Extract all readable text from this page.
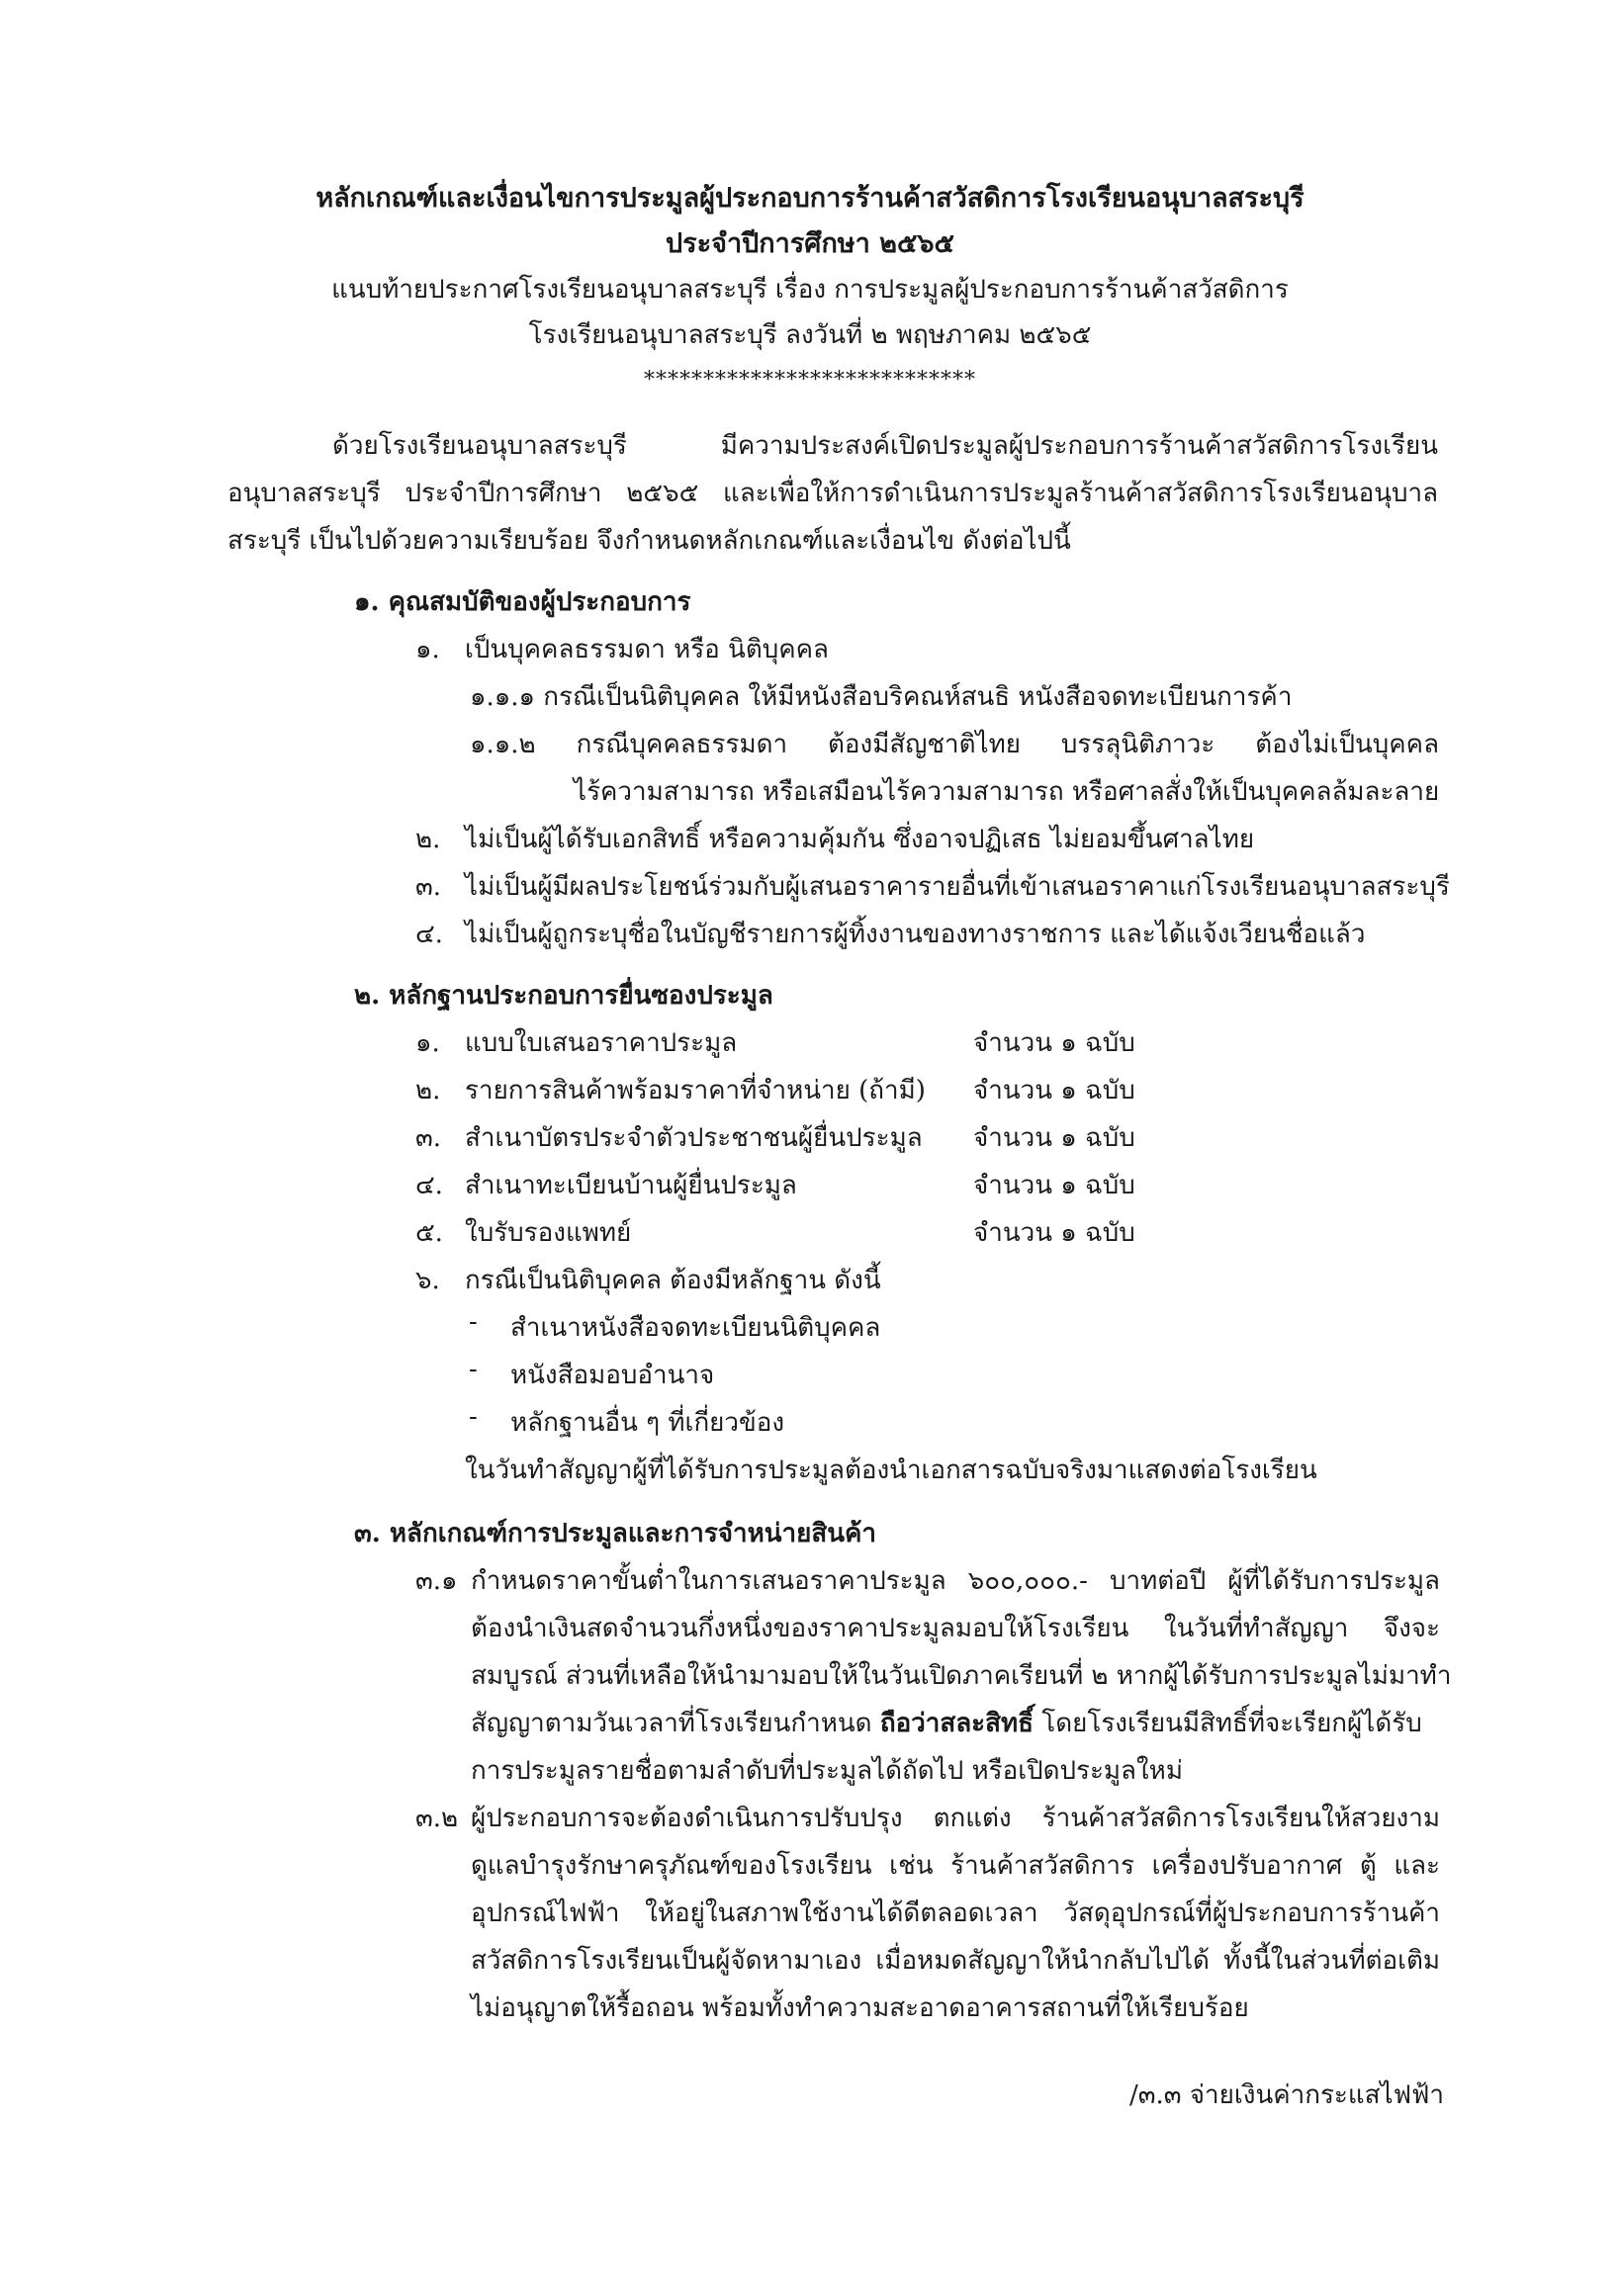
หลักเกณฑ์และเงื่อนไขการประมูลผู้ประกอบการร้านค้าสวัสดิการโรงเรียนอนุบาลสระบุรี
ประจำปีการศึกษา ๒๕๖๕
แนบท้ายประกาศโรงเรียนอนุบาลสระบุรี เรื่อง การประมูลผู้ประกอบการร้านค้าสวัสดิการ
โรงเรียนอนุบาลสระบุรี ลงวันที่ ๒ พฤษภาคม ๒๕๖๕
****************************
ด้วยโรงเรียนอนุบาลสระบุรี มีความประสงค์เปิดประมูลผู้ประกอบการร้านค้าสวัสดิการโรงเรียน
อนุบาลสระบุรี ประจำปีการศึกษา ๒๕๖๕ และเพื่อให้การดำเนินการประมูลร้านค้าสวัสดิการโรงเรียนอนุบาล
สระบุรี เป็นไปด้วยความเรียบร้อย จึงกำหนดหลักเกณฑ์และเงื่อนไข ดังต่อไปนี้
๑. คุณสมบัติของผู้ประกอบการ
๑. เป็นบุคคลธรรมดา หรือ นิติบุคคล
๑.๑.๑ กรณีเป็นนิติบุคคล ให้มีหนังสือบริคณห์สนธิ หนังสือจดทะเบียนการค้า
๑.๑.๒ กรณีบุคคลธรรมดา ต้องมีสัญชาติไทย บรรลุนิติภาวะ ต้องไม่เป็นบุคคล
ไร้ความสามารถ หรือเสมือนไร้ความสามารถ หรือศาลสั่งให้เป็นบุคคลล้มละลาย
๒. ไม่เป็นผู้ได้รับเอกสิทธิ์ หรือความคุ้มกัน ซึ่งอาจปฏิเสธ ไม่ยอมขึ้นศาลไทย
๓. ไม่เป็นผู้มีผลประโยชน์ร่วมกับผู้เสนอราคารายอื่นที่เข้าเสนอราคาแก่โรงเรียนอนุบาลสระบุรี
๔. ไม่เป็นผู้ถูกระบุชื่อในบัญชีรายการผู้ทิ้งงานของทางราชการ และได้แจ้งเวียนชื่อแล้ว
๒. หลักฐานประกอบการยื่นซองประมูล
๑. แบบใบเสนอราคาประมูล	จำนวน ๑ ฉบับ
๒. รายการสินค้าพร้อมราคาที่จำหน่าย (ถ้ามี) จำนวน ๑ ฉบับ
๓. สำเนาบัตรประจำตัวประชาชนผู้ยื่นประมูล จำนวน ๑ ฉบับ
๔. สำเนาทะเบียนบ้านผู้ยื่นประมูล	จำนวน ๑ ฉบับ
๕. ใบรับรองแพทย์	จำนวน ๑ ฉบับ
๖. กรณีเป็นนิติบุคคล ต้องมีหลักฐาน ดังนี้
- สำเนาหนังสือจดทะเบียนนิติบุคคล
- หนังสือมอบอำนาจ
- หลักฐานอื่น ๆ ที่เกี่ยวข้อง
ในวันทำสัญญาผู้ที่ได้รับการประมูลต้องนำเอกสารฉบับจริงมาแสดงต่อโรงเรียน
๓. หลักเกณฑ์การประมูลและการจำหน่ายสินค้า
๓.๑ กำหนดราคาขั้นต่ำในการเสนอราคาประมูล ๖๐๐,๐๐๐.- บาทต่อปี ผู้ที่ได้รับการประมูล
ต้องนำเงินสดจำนวนกึ่งหนึ่งของราคาประมูลมอบให้โรงเรียน ในวันที่ทำสัญญา จึงจะ
สมบูรณ์ ส่วนที่เหลือให้นำมามอบให้ในวันเปิดภาคเรียนที่ ๒ หากผู้ได้รับการประมูลไม่มาทำ
สัญญาตามวันเวลาที่โรงเรียนกำหนด ถือว่าสละสิทธิ์ โดยโรงเรียนมีสิทธิ์ที่จะเรียกผู้ได้รับ
การประมูลรายชื่อตามลำดับที่ประมูลได้ถัดไป หรือเปิดประมูลใหม่
๓.๒ ผู้ประกอบการจะต้องดำเนินการปรับปรุง ตกแต่ง ร้านค้าสวัสดิการโรงเรียนให้สวยงาม
ดูแลบำรุงรักษาครุภัณฑ์ของโรงเรียน เช่น ร้านค้าสวัสดิการ เครื่องปรับอากาศ ตู้ และ
อุปกรณ์ไฟฟ้า ให้อยู่ในสภาพใช้งานได้ดีตลอดเวลา วัสดุอุปกรณ์ที่ผู้ประกอบการร้านค้า
สวัสดิการโรงเรียนเป็นผู้จัดหามาเอง เมื่อหมดสัญญาให้นำกลับไปได้ ทั้งนี้ในส่วนที่ต่อเติม
ไม่อนุญาตให้รื้อถอน พร้อมทั้งทำความสะอาดอาคารสถานที่ให้เรียบร้อย
/๓.๓ จ่ายเงินค่ากระแสไฟฟ้า
